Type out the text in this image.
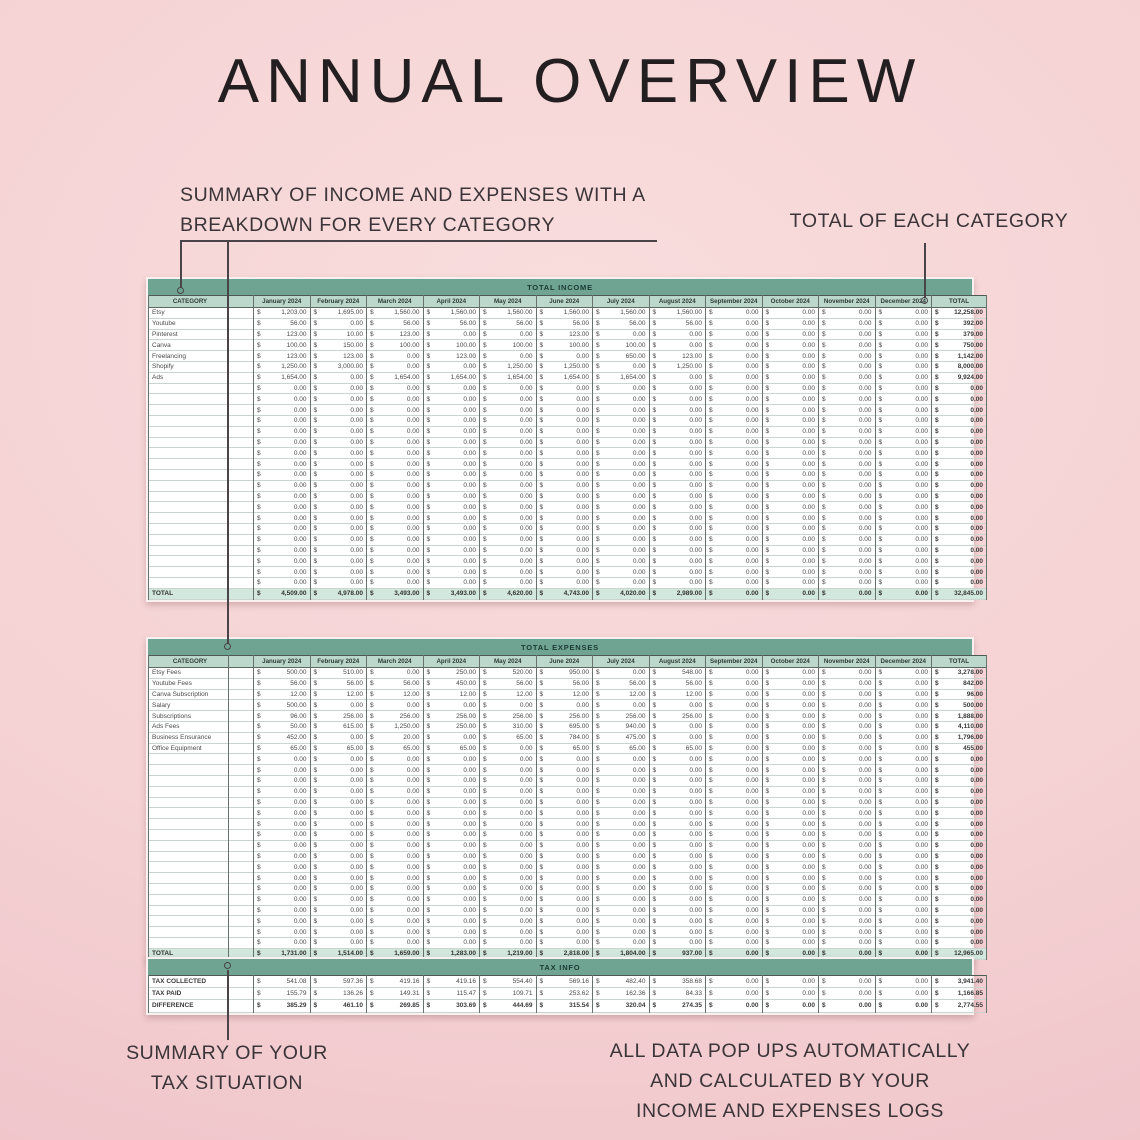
ANNUAL OVERVIEW
SUMMARY OF INCOME AND EXPENSES WITH A
BREAKDOWN FOR EVERY CATEGORY	TOTAL OF EACH CATEGORY
SUMMARY OF YOUR
TAX SITUATION
ALL DATA POP UPS AUTOMATICALLY
AND CALCULATED BY YOUR
INCOME AND EXPENSES LOGS
TOTAL INCOME
CATEGORY		January 2024	February 2024	March 2024	April 2024	May 2024	June 2024	July 2024	August 2024	September 2024	October 2024	November 2024	December 2024	TOTAL
Etsy		$ 1,203.00	$ 1,695.00	$ 1,560.00	$ 1,560.00	$ 1,560.00	$ 1,560.00	$ 1,560.00	$ 1,560.00	$ 0.00	$ 0.00	$ 0.00	$ 0.00	$ 12,258.00

Youtube		$ 56.00	$ 0.00	$ 56.00	$ 56.00	$ 56.00	$ 56.00	$ 56.00	$ 56.00	$ 0.00	$ 0.00	$ 0.00	$ 0.00	$ 392.00

Pinterest		$ 123.00	$ 10.00	$ 123.00	$ 0.00	$ 0.00	$ 123.00	$ 0.00	$ 0.00	$ 0.00	$ 0.00	$ 0.00	$ 0.00	$ 379.00

Canva		$ 100.00	$ 150.00	$ 100.00	$ 100.00	$ 100.00	$ 100.00	$ 100.00	$ 0.00	$ 0.00	$ 0.00	$ 0.00	$ 0.00	$ 750.00

Freelancing		$ 123.00	$ 123.00	$ 0.00	$ 123.00	$ 0.00	$ 0.00	$ 650.00	$ 123.00	$ 0.00	$ 0.00	$ 0.00	$ 0.00	$ 1,142.00

Shopify		$ 1,250.00	$ 3,000.00	$ 0.00	$ 0.00	$ 1,250.00	$ 1,250.00	$ 0.00	$ 1,250.00	$ 0.00	$ 0.00	$ 0.00	$ 0.00	$ 8,000.00

Ads		$ 1,654.00	$ 0.00	$ 1,654.00	$ 1,654.00	$ 1,654.00	$ 1,654.00	$ 1,654.00	$ 0.00	$ 0.00	$ 0.00	$ 0.00	$ 0.00	$ 9,924.00

		$ 0.00	$ 0.00	$ 0.00	$ 0.00	$ 0.00	$ 0.00	$ 0.00	$ 0.00	$ 0.00	$ 0.00	$ 0.00	$ 0.00	$ 0.00

		$ 0.00	$ 0.00	$ 0.00	$ 0.00	$ 0.00	$ 0.00	$ 0.00	$ 0.00	$ 0.00	$ 0.00	$ 0.00	$ 0.00	$ 0.00

		$ 0.00	$ 0.00	$ 0.00	$ 0.00	$ 0.00	$ 0.00	$ 0.00	$ 0.00	$ 0.00	$ 0.00	$ 0.00	$ 0.00	$ 0.00

		$ 0.00	$ 0.00	$ 0.00	$ 0.00	$ 0.00	$ 0.00	$ 0.00	$ 0.00	$ 0.00	$ 0.00	$ 0.00	$ 0.00	$ 0.00

		$ 0.00	$ 0.00	$ 0.00	$ 0.00	$ 0.00	$ 0.00	$ 0.00	$ 0.00	$ 0.00	$ 0.00	$ 0.00	$ 0.00	$ 0.00

		$ 0.00	$ 0.00	$ 0.00	$ 0.00	$ 0.00	$ 0.00	$ 0.00	$ 0.00	$ 0.00	$ 0.00	$ 0.00	$ 0.00	$ 0.00

		$ 0.00	$ 0.00	$ 0.00	$ 0.00	$ 0.00	$ 0.00	$ 0.00	$ 0.00	$ 0.00	$ 0.00	$ 0.00	$ 0.00	$ 0.00

		$ 0.00	$ 0.00	$ 0.00	$ 0.00	$ 0.00	$ 0.00	$ 0.00	$ 0.00	$ 0.00	$ 0.00	$ 0.00	$ 0.00	$ 0.00

		$ 0.00	$ 0.00	$ 0.00	$ 0.00	$ 0.00	$ 0.00	$ 0.00	$ 0.00	$ 0.00	$ 0.00	$ 0.00	$ 0.00	$ 0.00

		$ 0.00	$ 0.00	$ 0.00	$ 0.00	$ 0.00	$ 0.00	$ 0.00	$ 0.00	$ 0.00	$ 0.00	$ 0.00	$ 0.00	$ 0.00

		$ 0.00	$ 0.00	$ 0.00	$ 0.00	$ 0.00	$ 0.00	$ 0.00	$ 0.00	$ 0.00	$ 0.00	$ 0.00	$ 0.00	$ 0.00

		$ 0.00	$ 0.00	$ 0.00	$ 0.00	$ 0.00	$ 0.00	$ 0.00	$ 0.00	$ 0.00	$ 0.00	$ 0.00	$ 0.00	$ 0.00

		$ 0.00	$ 0.00	$ 0.00	$ 0.00	$ 0.00	$ 0.00	$ 0.00	$ 0.00	$ 0.00	$ 0.00	$ 0.00	$ 0.00	$ 0.00

		$ 0.00	$ 0.00	$ 0.00	$ 0.00	$ 0.00	$ 0.00	$ 0.00	$ 0.00	$ 0.00	$ 0.00	$ 0.00	$ 0.00	$ 0.00

		$ 0.00	$ 0.00	$ 0.00	$ 0.00	$ 0.00	$ 0.00	$ 0.00	$ 0.00	$ 0.00	$ 0.00	$ 0.00	$ 0.00	$ 0.00

		$ 0.00	$ 0.00	$ 0.00	$ 0.00	$ 0.00	$ 0.00	$ 0.00	$ 0.00	$ 0.00	$ 0.00	$ 0.00	$ 0.00	$ 0.00

		$ 0.00	$ 0.00	$ 0.00	$ 0.00	$ 0.00	$ 0.00	$ 0.00	$ 0.00	$ 0.00	$ 0.00	$ 0.00	$ 0.00	$ 0.00

		$ 0.00	$ 0.00	$ 0.00	$ 0.00	$ 0.00	$ 0.00	$ 0.00	$ 0.00	$ 0.00	$ 0.00	$ 0.00	$ 0.00	$ 0.00

		$ 0.00	$ 0.00	$ 0.00	$ 0.00	$ 0.00	$ 0.00	$ 0.00	$ 0.00	$ 0.00	$ 0.00	$ 0.00	$ 0.00	$ 0.00

TOTAL		$ 4,509.00	$ 4,978.00	$ 3,493.00	$ 3,493.00	$ 4,620.00	$ 4,743.00	$ 4,020.00	$ 2,989.00	$ 0.00	$ 0.00	$ 0.00	$ 0.00	$ 32,845.00
TOTAL EXPENSES
CATEGORY		January 2024	February 2024	March 2024	April 2024	May 2024	June 2024	July 2024	August 2024	September 2024	October 2024	November 2024	December 2024	TOTAL
Etsy Fees		$ 500.00	$ 510.00	$ 0.00	$ 250.00	$ 520.00	$ 950.00	$ 0.00	$ 548.00	$ 0.00	$ 0.00	$ 0.00	$ 0.00	$ 3,278.00

Youtube Fees		$ 56.00	$ 56.00	$ 56.00	$ 450.00	$ 56.00	$ 56.00	$ 56.00	$ 56.00	$ 0.00	$ 0.00	$ 0.00	$ 0.00	$ 842.00

Canva Subscription		$ 12.00	$ 12.00	$ 12.00	$ 12.00	$ 12.00	$ 12.00	$ 12.00	$ 12.00	$ 0.00	$ 0.00	$ 0.00	$ 0.00	$ 96.00

Salary		$ 500.00	$ 0.00	$ 0.00	$ 0.00	$ 0.00	$ 0.00	$ 0.00	$ 0.00	$ 0.00	$ 0.00	$ 0.00	$ 0.00	$ 500.00

Subscriptions		$ 96.00	$ 256.00	$ 256.00	$ 256.00	$ 256.00	$ 256.00	$ 256.00	$ 256.00	$ 0.00	$ 0.00	$ 0.00	$ 0.00	$ 1,888.00

Ads Fees		$ 50.00	$ 615.00	$ 1,250.00	$ 250.00	$ 310.00	$ 695.00	$ 940.00	$ 0.00	$ 0.00	$ 0.00	$ 0.00	$ 0.00	$ 4,110.00

Business Ensurance		$ 452.00	$ 0.00	$ 20.00	$ 0.00	$ 65.00	$ 784.00	$ 475.00	$ 0.00	$ 0.00	$ 0.00	$ 0.00	$ 0.00	$ 1,796.00

Office Equipment		$ 65.00	$ 65.00	$ 65.00	$ 65.00	$ 0.00	$ 65.00	$ 65.00	$ 65.00	$ 0.00	$ 0.00	$ 0.00	$ 0.00	$ 455.00

		$ 0.00	$ 0.00	$ 0.00	$ 0.00	$ 0.00	$ 0.00	$ 0.00	$ 0.00	$ 0.00	$ 0.00	$ 0.00	$ 0.00	$ 0.00

		$ 0.00	$ 0.00	$ 0.00	$ 0.00	$ 0.00	$ 0.00	$ 0.00	$ 0.00	$ 0.00	$ 0.00	$ 0.00	$ 0.00	$ 0.00

		$ 0.00	$ 0.00	$ 0.00	$ 0.00	$ 0.00	$ 0.00	$ 0.00	$ 0.00	$ 0.00	$ 0.00	$ 0.00	$ 0.00	$ 0.00

		$ 0.00	$ 0.00	$ 0.00	$ 0.00	$ 0.00	$ 0.00	$ 0.00	$ 0.00	$ 0.00	$ 0.00	$ 0.00	$ 0.00	$ 0.00

		$ 0.00	$ 0.00	$ 0.00	$ 0.00	$ 0.00	$ 0.00	$ 0.00	$ 0.00	$ 0.00	$ 0.00	$ 0.00	$ 0.00	$ 0.00

		$ 0.00	$ 0.00	$ 0.00	$ 0.00	$ 0.00	$ 0.00	$ 0.00	$ 0.00	$ 0.00	$ 0.00	$ 0.00	$ 0.00	$ 0.00

		$ 0.00	$ 0.00	$ 0.00	$ 0.00	$ 0.00	$ 0.00	$ 0.00	$ 0.00	$ 0.00	$ 0.00	$ 0.00	$ 0.00	$ 0.00

		$ 0.00	$ 0.00	$ 0.00	$ 0.00	$ 0.00	$ 0.00	$ 0.00	$ 0.00	$ 0.00	$ 0.00	$ 0.00	$ 0.00	$ 0.00

		$ 0.00	$ 0.00	$ 0.00	$ 0.00	$ 0.00	$ 0.00	$ 0.00	$ 0.00	$ 0.00	$ 0.00	$ 0.00	$ 0.00	$ 0.00

		$ 0.00	$ 0.00	$ 0.00	$ 0.00	$ 0.00	$ 0.00	$ 0.00	$ 0.00	$ 0.00	$ 0.00	$ 0.00	$ 0.00	$ 0.00

		$ 0.00	$ 0.00	$ 0.00	$ 0.00	$ 0.00	$ 0.00	$ 0.00	$ 0.00	$ 0.00	$ 0.00	$ 0.00	$ 0.00	$ 0.00

		$ 0.00	$ 0.00	$ 0.00	$ 0.00	$ 0.00	$ 0.00	$ 0.00	$ 0.00	$ 0.00	$ 0.00	$ 0.00	$ 0.00	$ 0.00

		$ 0.00	$ 0.00	$ 0.00	$ 0.00	$ 0.00	$ 0.00	$ 0.00	$ 0.00	$ 0.00	$ 0.00	$ 0.00	$ 0.00	$ 0.00

		$ 0.00	$ 0.00	$ 0.00	$ 0.00	$ 0.00	$ 0.00	$ 0.00	$ 0.00	$ 0.00	$ 0.00	$ 0.00	$ 0.00	$ 0.00

		$ 0.00	$ 0.00	$ 0.00	$ 0.00	$ 0.00	$ 0.00	$ 0.00	$ 0.00	$ 0.00	$ 0.00	$ 0.00	$ 0.00	$ 0.00

		$ 0.00	$ 0.00	$ 0.00	$ 0.00	$ 0.00	$ 0.00	$ 0.00	$ 0.00	$ 0.00	$ 0.00	$ 0.00	$ 0.00	$ 0.00

		$ 0.00	$ 0.00	$ 0.00	$ 0.00	$ 0.00	$ 0.00	$ 0.00	$ 0.00	$ 0.00	$ 0.00	$ 0.00	$ 0.00	$ 0.00

		$ 0.00	$ 0.00	$ 0.00	$ 0.00	$ 0.00	$ 0.00	$ 0.00	$ 0.00	$ 0.00	$ 0.00	$ 0.00	$ 0.00	$ 0.00

TOTAL		$ 1,731.00	$ 1,514.00	$ 1,659.00	$ 1,283.00	$ 1,219.00	$ 2,818.00	$ 1,804.00	$ 937.00	$ 0.00	$ 0.00	$ 0.00	$ 0.00	$ 12,965.00
TAX INFO
TAX COLLECTED		$ 541.08	$ 597.36	$ 419.16	$ 419.16	$ 554.40	$ 569.16	$ 482.40	$ 358.68	$ 0.00	$ 0.00	$ 0.00	$ 0.00	$ 3,941.40

TAX PAID		$ 155.79	$ 136.26	$ 149.31	$ 115.47	$ 109.71	$ 253.62	$ 162.36	$ 84.33	$ 0.00	$ 0.00	$ 0.00	$ 0.00	$ 1,166.85

DIFFERENCE		$ 385.29	$ 461.10	$ 269.85	$ 303.69	$ 444.69	$ 315.54	$ 320.04	$ 274.35	$ 0.00	$ 0.00	$ 0.00	$ 0.00	$ 2,774.55
